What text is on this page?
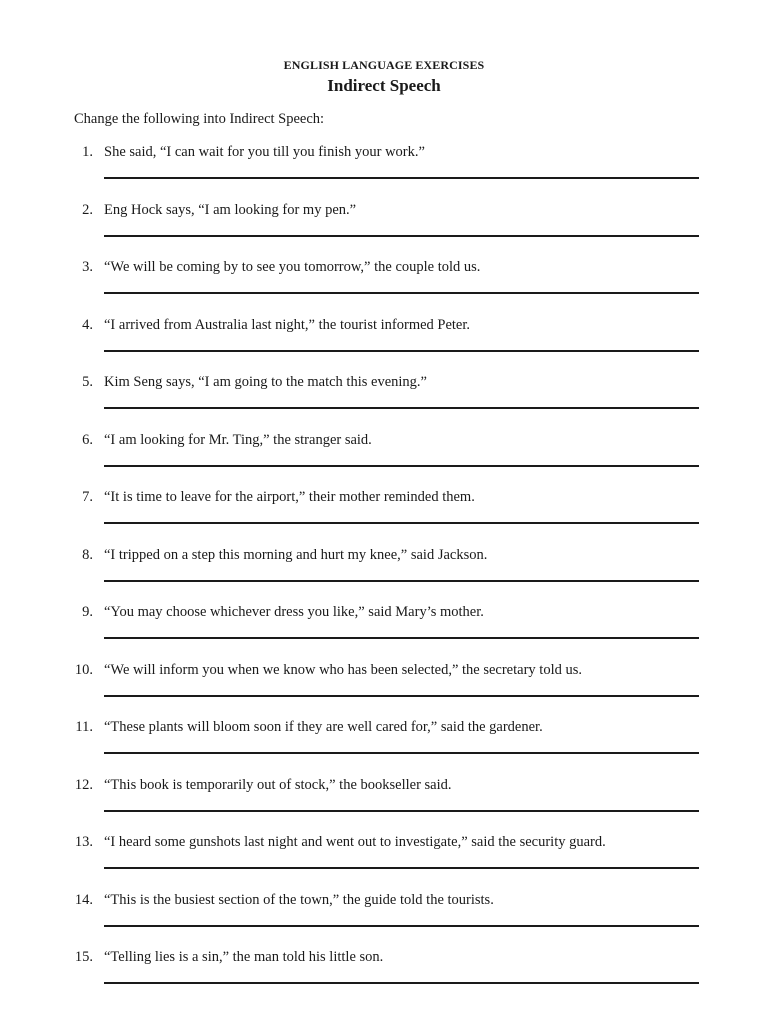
ENGLISH LANGUAGE EXERCISES
Indirect Speech
Change the following into Indirect Speech:
1. She said, “I can wait for you till you finish your work.”
2. Eng Hock says, “I am looking for my pen.”
3. “We will be coming by to see you tomorrow,” the couple told us.
4. “I arrived from Australia last night,” the tourist informed Peter.
5. Kim Seng says, “I am going to the match this evening.”
6. “I am looking for Mr. Ting,” the stranger said.
7. “It is time to leave for the airport,” their mother reminded them.
8. “I tripped on a step this morning and hurt my knee,” said Jackson.
9. “You may choose whichever dress you like,” said Mary’s mother.
10. “We will inform you when we know who has been selected,” the secretary told us.
11. “These plants will bloom soon if they are well cared for,” said the gardener.
12. “This book is temporarily out of stock,” the bookseller said.
13. “I heard some gunshots last night and went out to investigate,” said the security guard.
14. “This is the busiest section of the town,” the guide told the tourists.
15. “Telling lies is a sin,” the man told his little son.
